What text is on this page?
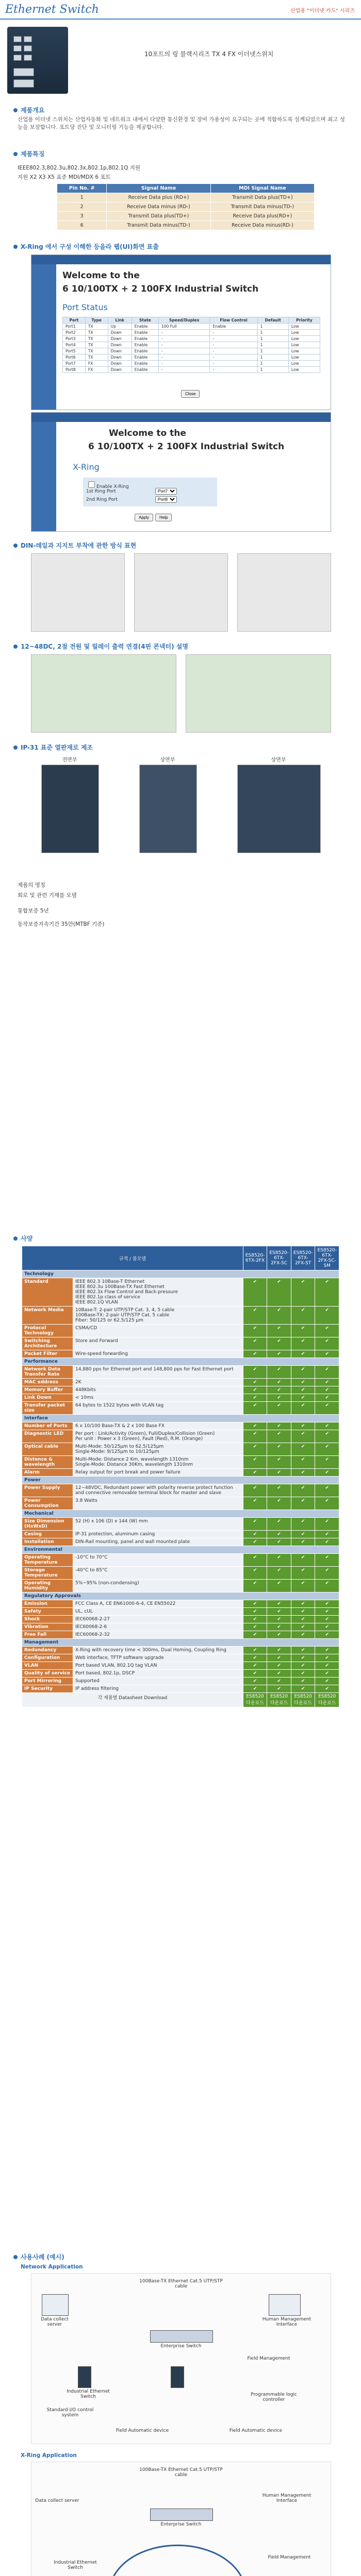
Ethernet Switch	산업용 "이더넷 카드" 시리즈
10포트의 링 블랙시리즈 TX 4 FX 이더넷스위치
제품개요
산업용 이더넷 스위치는 산업자동화 및 네트워크 내에서 다양한 통신환경 및 장비 가용성이 요구되는 곳에 적합하도록 설계되었으며 최고 성능을 보장합니다. 포트당 진단 및 모니터링 기능을 제공합니다.
제품특징
IEEE802.3,802.3u,802.3x,802.1p,802.1Q 지원
지원 X2 X3 X5 표준 MDI/MDX 6 포트
Pin No. #	Signal Name	MDI Signal Name
1	Receive Data plus (RD+)	Transmit Data plus(TD+)
2	Receive Data minus (RD-)	Transmit Data minus(TD-)
3	Transmit Data plus(TD+)	Receive Data plus(RD+)
6	Transmit Data minus(TD-)	Receive Data minus(RD-)
X-Ring 에서 구성 이해한 등을라 웹(UI)화면 표출
Welcome to the
6 10/100TX + 2 100FX Industrial Switch
Port Status
Port	Type	Link	State	Speed/Duplex	Flow Control	Default	Priority
Port1	TX	Up	Enable	100 Full	Enable	1	Low
Port2	TX	Down	Enable	-	-	1	Low
Port3	TX	Down	Enable	-	-	1	Low
Port4	TX	Down	Enable	-	-	1	Low
Port5	TX	Down	Enable	-	-	1	Low
Port6	TX	Down	Enable	-	-	1	Low
Port7	FX	Down	Enable	-	-	1	Low
Port8	FX	Down	Enable	-	-	1	Low
Close
Welcome to the
6 10/100TX + 2 100FX Industrial Switch
X-Ring
Enable X-Ring
1st Ring Port
Port7
2nd Ring Port
Port8
Apply	Help
DIN-레일과 지지트 부착에 관한 방식 표현
12~48DC, 2점 전원 및 릴레이 출력 연결(4핀 콘넥터) 설명
IP-31 표준 열판재로 제조
전면부	상면부	상면부
제품의 명칭
회로 및 관련 기재를 모델
통합보증 5년
동작보증지속기간 35만(MTBF 기준)
사양
규격 / 품모델		ES8520-6TX-2FX	ES8520-6TX-2FX-SC	ES8520-6TX-2FX-ST	ES8520-6TX-2FX-SC-SM
Technology					
Standard	IEEE 802.3 10Base-T Ethernet
IEEE 802.3u 100Base-TX Fast Ethernet
IEEE 802.3x Flow Control and Back-pressure
IEEE 802.1p class of service
IEEE 802.1Q VLAN	✔	✔	✔	✔
Network Media	10Base-T: 2-pair UTP/STP Cat. 3, 4, 5 cable
100Base-TX: 2-pair UTP/STP Cat. 5 cable
Fiber: 50/125 or 62.5/125 μm	✔	✔	✔	✔
Protocol Technology	CSMA/CD	✔	✔	✔	✔
Switching Architecture	Store and Forward	✔	✔	✔	✔
Packet Filter	Wire-speed forwarding	✔	✔	✔	✔
Performance					
Network Data Transfer Rate	14,880 pps for Ethernet port and 148,800 pps for Fast Ethernet port	✔	✔	✔	✔
MAC address	2K	✔	✔	✔	✔
Memory Buffer	448Kbits	✔	✔	✔	✔
Link Down	< 10ms	✔	✔	✔	✔
Transfer packet size	64 bytes to 1522 bytes with VLAN tag	✔	✔	✔	✔
Interface					
Number of Ports	6 x 10/100 Base-TX & 2 x 100 Base FX	✔	✔	✔	✔
Diagnostic LED	Per port : Link/Activity (Green), Full/Duplex/Collision (Green)
Per unit : Power x 3 (Green), Fault (Red), R.M. (Orange)	✔	✔	✔	✔
Optical cable	Multi-Mode: 50/125μm to 62.5/125μm
Single-Mode: 9/125μm to 10/125μm	✔	✔	✔	✔
Distance & wavelength	Multi-Mode: Distance 2 Km, wavelength 1310nm
Single-Mode: Distance 30Km, wavelength 1310nm	✔	✔	✔	✔
Alarm	Relay output for port break and power failure	✔	✔	✔	✔
Power					
Power Supply	12~48VDC, Redundant power with polarity reverse protect function and connective removable terminal block for master and slave	✔	✔	✔	✔
Power Consumption	3.8 Watts	✔	✔	✔	✔
Mechanical					
Size Dimension (HxWxD)	52 (H) x 106 (D) x 144 (W) mm	✔	✔	✔	✔
Casing	IP-31 protection, aluminum casing	✔	✔	✔	✔
Installation	DIN-Rail mounting, panel and wall mounted plate	✔	✔	✔	✔
Environmental					
Operating Temperature	-10°C to 70°C	✔	✔	✔	✔
Storage Temperature	-40°C to 85°C	✔	✔	✔	✔
Operating Humidity	5%~95% (non-condensing)	✔	✔	✔	✔
Regulatory Approvals					
Emission	FCC Class A, CE EN61000-6-4, CE EN55022	✔	✔	✔	✔
Safety	UL, cUL	✔	✔	✔	✔
Shock	IEC60068-2-27	✔	✔	✔	✔
Vibration	IEC60068-2-6	✔	✔	✔	✔
Free Fall	IEC60068-2-32	✔	✔	✔	✔
Management					
Redundancy	X-Ring with recovery time < 300ms, Dual Homing, Coupling Ring	✔	✔	✔	✔
Configuration	Web interface, TFTP software upgrade	✔	✔	✔	✔
VLAN	Port based VLAN, 802.1Q tag VLAN	✔	✔	✔	✔
Quality of service	Port based, 802.1p, DSCP	✔	✔	✔	✔
Port Mirroring	Supported	✔	✔	✔	✔
IP Security	IP address filtering	✔	✔	✔	✔
각 제품별 Datasheet Download		ES8520 다운로드	ES8520 다운로드	ES8520 다운로드	ES8520 다운로드
사용사례 (예시)
Network Application
100Base-TX Ethernet Cat.5 UTP/STP cable
Data collect server
Human Management Interface
Enterprise Switch
Industrial Ethernet Switch
Field Management
Programmable logic controller
Standard I/O control system
Field Automatic device	Field Automatic device
X-Ring Application
100Base-TX Ethernet Cat.5 UTP/STP cable
Data collect server
Human Management Interface
Enterprise Switch
Field Management
Industrial Ethernet Switch
